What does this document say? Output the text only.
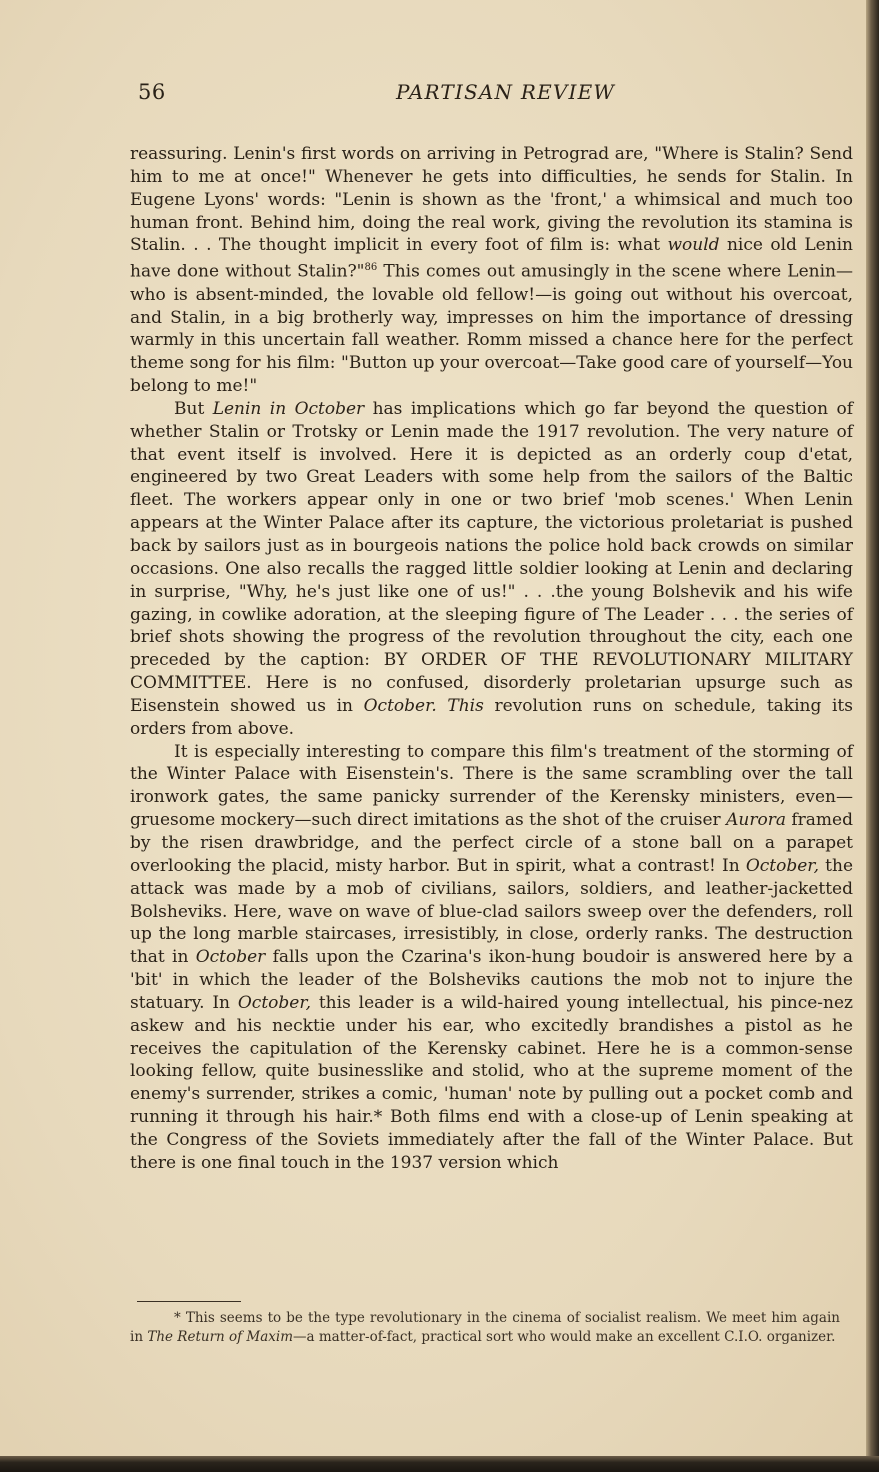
56	PARTISAN REVIEW

reassuring. Lenin's first words on arriving in Petrograd are, "Where is Stalin? Send him to me at once!" Whenever he gets into difficulties, he sends for Stalin. In Eugene Lyons' words: "Lenin is shown as the 'front,' a whimsical and much too human front. Behind him, doing the real work, giving the revolution its stamina is Stalin. . . The thought implicit in every foot of film is: what would nice old Lenin have done without Stalin?"$^{86}$ This comes out amusingly in the scene where Lenin—who is absent-minded, the lovable old fellow!—is going out without his overcoat, and Stalin, in a big brotherly way, impresses on him the importance of dressing warmly in this uncertain fall weather. Romm missed a chance here for the perfect theme song for his film: "Button up your overcoat—Take good care of yourself—You belong to me!"

But Lenin in October has implications which go far beyond the question of whether Stalin or Trotsky or Lenin made the 1917 revolution. The very nature of that event itself is involved. Here it is depicted as an orderly coup d'etat, engineered by two Great Leaders with some help from the sailors of the Baltic fleet. The workers appear only in one or two brief 'mob scenes.' When Lenin appears at the Winter Palace after its capture, the victorious proletariat is pushed back by sailors just as in bourgeois nations the police hold back crowds on similar occasions. One also recalls the ragged little soldier looking at Lenin and declaring in surprise, "Why, he's just like one of us!" . . .the young Bolshevik and his wife gazing, in cowlike adoration, at the sleeping figure of The Leader . . . the series of brief shots showing the progress of the revolution throughout the city, each one preceded by the caption: BY ORDER OF THE REVOLUTIONARY MILITARY COMMITTEE. Here is no confused, disorderly proletarian upsurge such as Eisenstein showed us in October. This revolution runs on schedule, taking its orders from above.

It is especially interesting to compare this film's treatment of the storming of the Winter Palace with Eisenstein's. There is the same scrambling over the tall ironwork gates, the same panicky surrender of the Kerensky ministers, even—gruesome mockery—such direct imitations as the shot of the cruiser Aurora framed by the risen drawbridge, and the perfect circle of a stone ball on a parapet overlooking the placid, misty harbor. But in spirit, what a contrast! In October, the attack was made by a mob of civilians, sailors, soldiers, and leather-jacketted Bolsheviks. Here, wave on wave of blue-clad sailors sweep over the defenders, roll up the long marble staircases, irresistibly, in close, orderly ranks. The destruction that in October falls upon the Czarina's ikon-hung boudoir is answered here by a 'bit' in which the leader of the Bolsheviks cautions the mob not to injure the statuary. In October, this leader is a wild-haired young intellectual, his pince-nez askew and his necktie under his ear, who excitedly brandishes a pistol as he receives the capitulation of the Kerensky cabinet. Here he is a common-sense looking fellow, quite businesslike and stolid, who at the supreme moment of the enemy's surrender, strikes a comic, 'human' note by pulling out a pocket comb and running it through his hair.* Both films end with a close-up of Lenin speaking at the Congress of the Soviets immediately after the fall of the Winter Palace. But there is one final touch in the 1937 version which

* This seems to be the type revolutionary in the cinema of socialist realism. We meet him again in The Return of Maxim—a matter-of-fact, practical sort who would make an excellent C.I.O. organizer.
